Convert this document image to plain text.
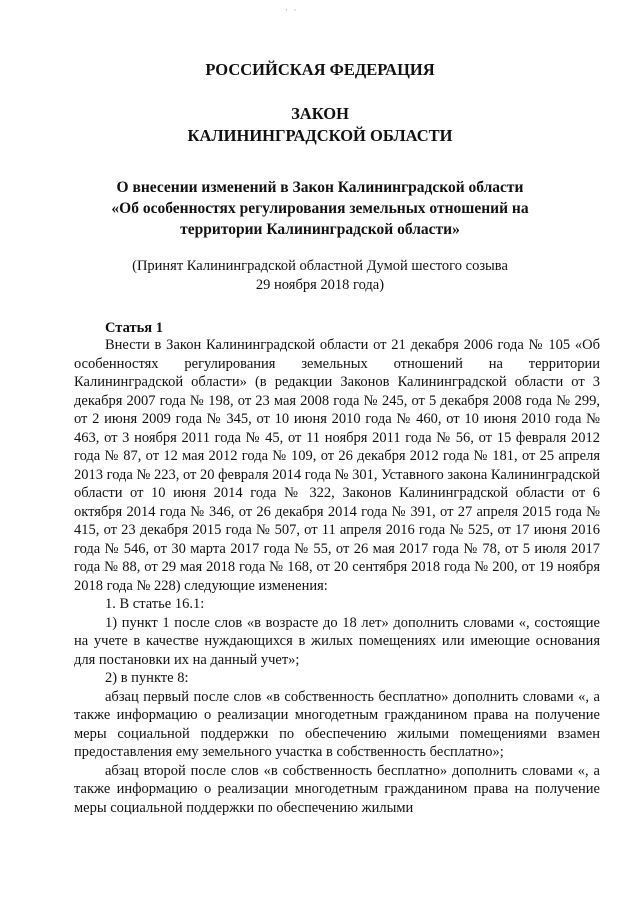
· ·
РОССИЙСКАЯ ФЕДЕРАЦИЯ
ЗАКОН
КАЛИНИНГРАДСКОЙ ОБЛАСТИ
О внесении изменений в Закон Калининградской области
«Об особенностях регулирования земельных отношений на
территории Калининградской области»
(Принят Калининградской областной Думой шестого созыва
29 ноября 2018 года)
Статья 1

Внести в Закон Калининградской области от 21 декабря 2006 года № 105 «Об особенностях регулирования земельных отношений на территории Калининградской области» (в редакции Законов Калининградской области от 3 декабря 2007 года № 198, от 23 мая 2008 года № 245, от 5 декабря 2008 года № 299, от 2 июня 2009 года № 345, от 10 июня 2010 года № 460, от 10 июня 2010 года № 463, от 3 ноября 2011 года № 45, от 11 ноября 2011 года № 56, от 15 февраля 2012 года № 87, от 12 мая 2012 года № 109, от 26 декабря 2012 года № 181, от 25 апреля 2013 года № 223, от 20 февраля 2014 года № 301, Уставного закона Калининградской области от 10 июня 2014 года № 322, Законов Калининградской области от 6 октября 2014 года № 346, от 26 декабря 2014 года № 391, от 27 апреля 2015 года № 415, от 23 декабря 2015 года № 507, от 11 апреля 2016 года № 525, от 17 июня 2016 года № 546, от 30 марта 2017 года № 55, от 26 мая 2017 года № 78, от 5 июля 2017 года № 88, от 29 мая 2018 года № 168, от 20 сентября 2018 года № 200, от 19 ноября 2018 года № 228) следующие изменения:

1. В статье 16.1:

1) пункт 1 после слов «в возрасте до 18 лет» дополнить словами «, состоящие на учете в качестве нуждающихся в жилых помещениях или имеющие основания для постановки их на данный учет»;

2) в пункте 8:

абзац первый после слов «в собственность бесплатно» дополнить словами «, а также информацию о реализации многодетным гражданином права на получение меры социальной поддержки по обеспечению жилыми помещениями взамен предоставления ему земельного участка в собственность бесплатно»;

абзац второй после слов «в собственность бесплатно» дополнить словами «, а также информацию о реализации многодетным гражданином права на получение меры социальной поддержки по обеспечению жилыми
